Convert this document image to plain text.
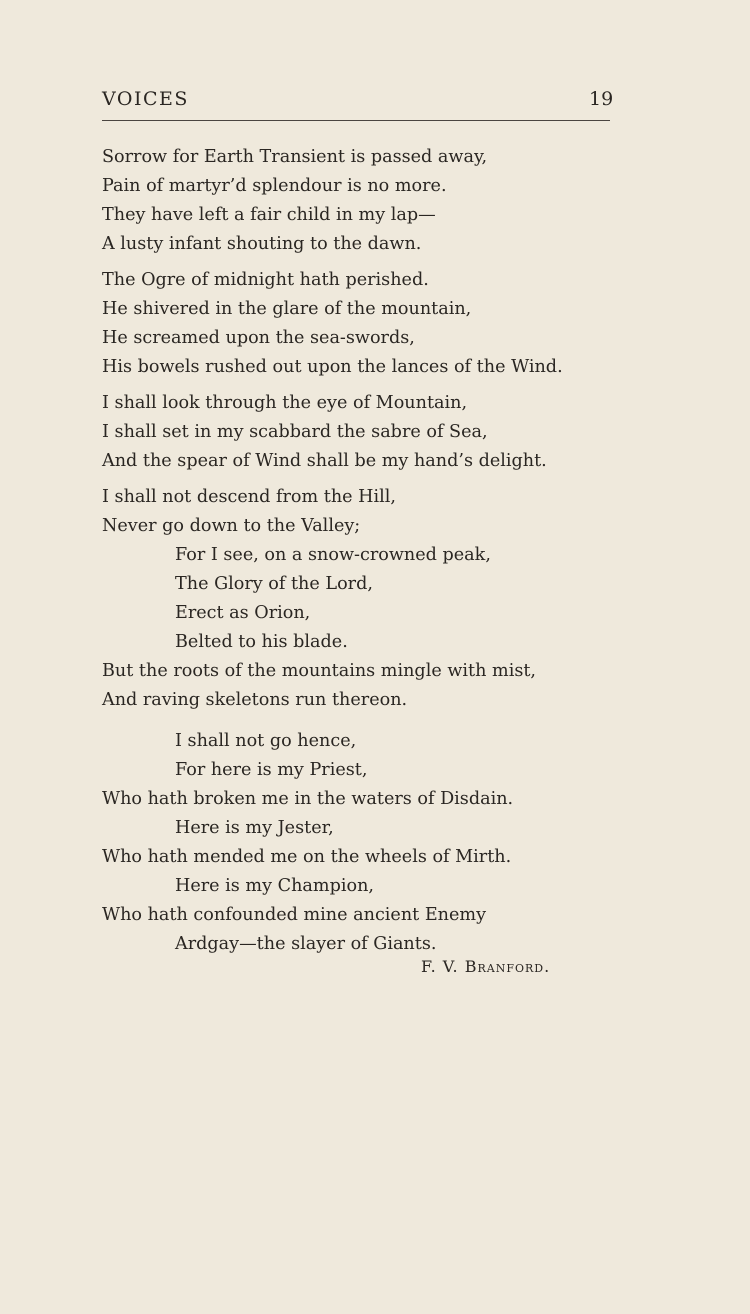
VOICES	19
Sorrow for Earth Transient is passed away,
Pain of martyr’d splendour is no more.
They have left a fair child in my lap—
A lusty infant shouting to the dawn.
The Ogre of midnight hath perished.
He shivered in the glare of the mountain,
He screamed upon the sea-swords,
His bowels rushed out upon the lances of the Wind.
I shall look through the eye of Mountain,
I shall set in my scabbard the sabre of Sea,
And the spear of Wind shall be my hand’s delight.
I shall not descend from the Hill,
Never go down to the Valley;
For I see, on a snow-crowned peak,
The Glory of the Lord,
Erect as Orion,
Belted to his blade.
But the roots of the mountains mingle with mist,
And raving skeletons run thereon.
I shall not go hence,
For here is my Priest,
Who hath broken me in the waters of Disdain.
Here is my Jester,
Who hath mended me on the wheels of Mirth.
Here is my Champion,
Who hath confounded mine ancient Enemy
Ardgay—the slayer of Giants.
F. V. Branford.
